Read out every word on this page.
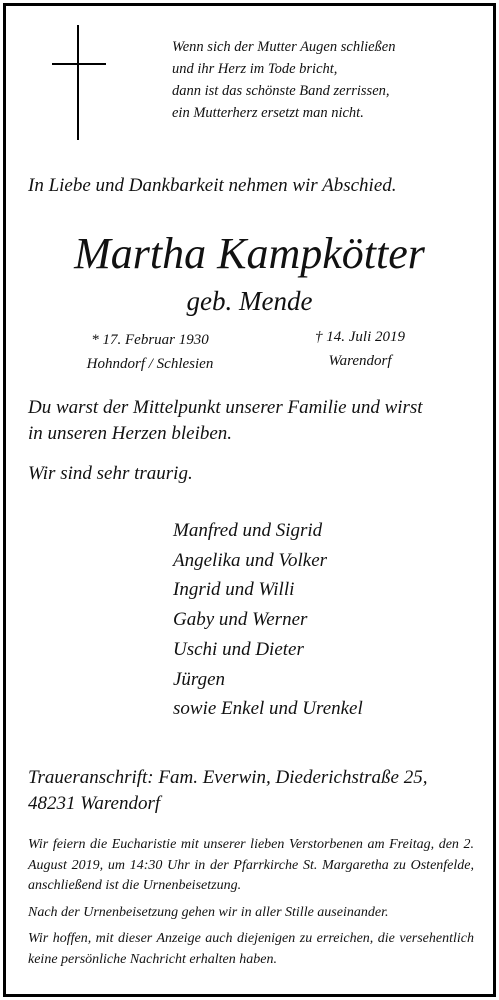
Wenn sich der Mutter Augen schließen
und ihr Herz im Tode bricht,
dann ist das schönste Band zerrissen,
ein Mutterherz ersetzt man nicht.
In Liebe und Dankbarkeit nehmen wir Abschied.
Martha Kampkötter
geb. Mende
* 17. Februar 1930
Hohndorf / Schlesien
† 14. Juli 2019
Warendorf
Du warst der Mittelpunkt unserer Familie und wirst
in unseren Herzen bleiben.
Wir sind sehr traurig.
Manfred und Sigrid
Angelika und Volker
Ingrid und Willi
Gaby und Werner
Uschi und Dieter
Jürgen
sowie Enkel und Urenkel
Traueranschrift: Fam. Everwin, Diederichstraße 25,
48231 Warendorf

Wir feiern die Eucharistie mit unserer lieben Verstorbenen am Freitag, den 2. August 2019, um 14:30 Uhr in der Pfarrkirche St. Margaretha zu Ostenfelde, anschließend ist die Urnenbeisetzung.

Nach der Urnenbeisetzung gehen wir in aller Stille auseinander.

Wir hoffen, mit dieser Anzeige auch diejenigen zu erreichen, die versehentlich keine persönliche Nachricht erhalten haben.
